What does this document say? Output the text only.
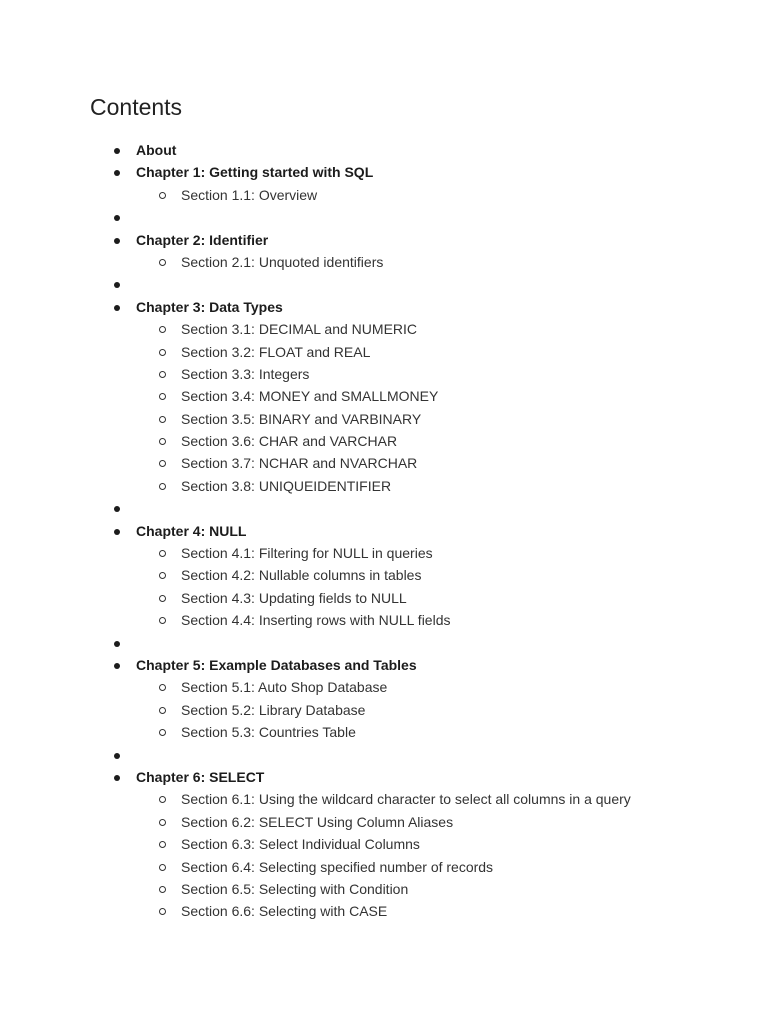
Contents
About
Chapter 1: Getting started with SQL
Section 1.1: Overview
Chapter 2: Identifier
Section 2.1: Unquoted identifiers
Chapter 3: Data Types
Section 3.1: DECIMAL and NUMERIC
Section 3.2: FLOAT and REAL
Section 3.3: Integers
Section 3.4: MONEY and SMALLMONEY
Section 3.5: BINARY and VARBINARY
Section 3.6: CHAR and VARCHAR
Section 3.7: NCHAR and NVARCHAR
Section 3.8: UNIQUEIDENTIFIER
Chapter 4: NULL
Section 4.1: Filtering for NULL in queries
Section 4.2: Nullable columns in tables
Section 4.3: Updating fields to NULL
Section 4.4: Inserting rows with NULL fields
Chapter 5: Example Databases and Tables
Section 5.1: Auto Shop Database
Section 5.2: Library Database
Section 5.3: Countries Table
Chapter 6: SELECT
Section 6.1: Using the wildcard character to select all columns in a query
Section 6.2: SELECT Using Column Aliases
Section 6.3: Select Individual Columns
Section 6.4: Selecting specified number of records
Section 6.5: Selecting with Condition
Section 6.6: Selecting with CASE
